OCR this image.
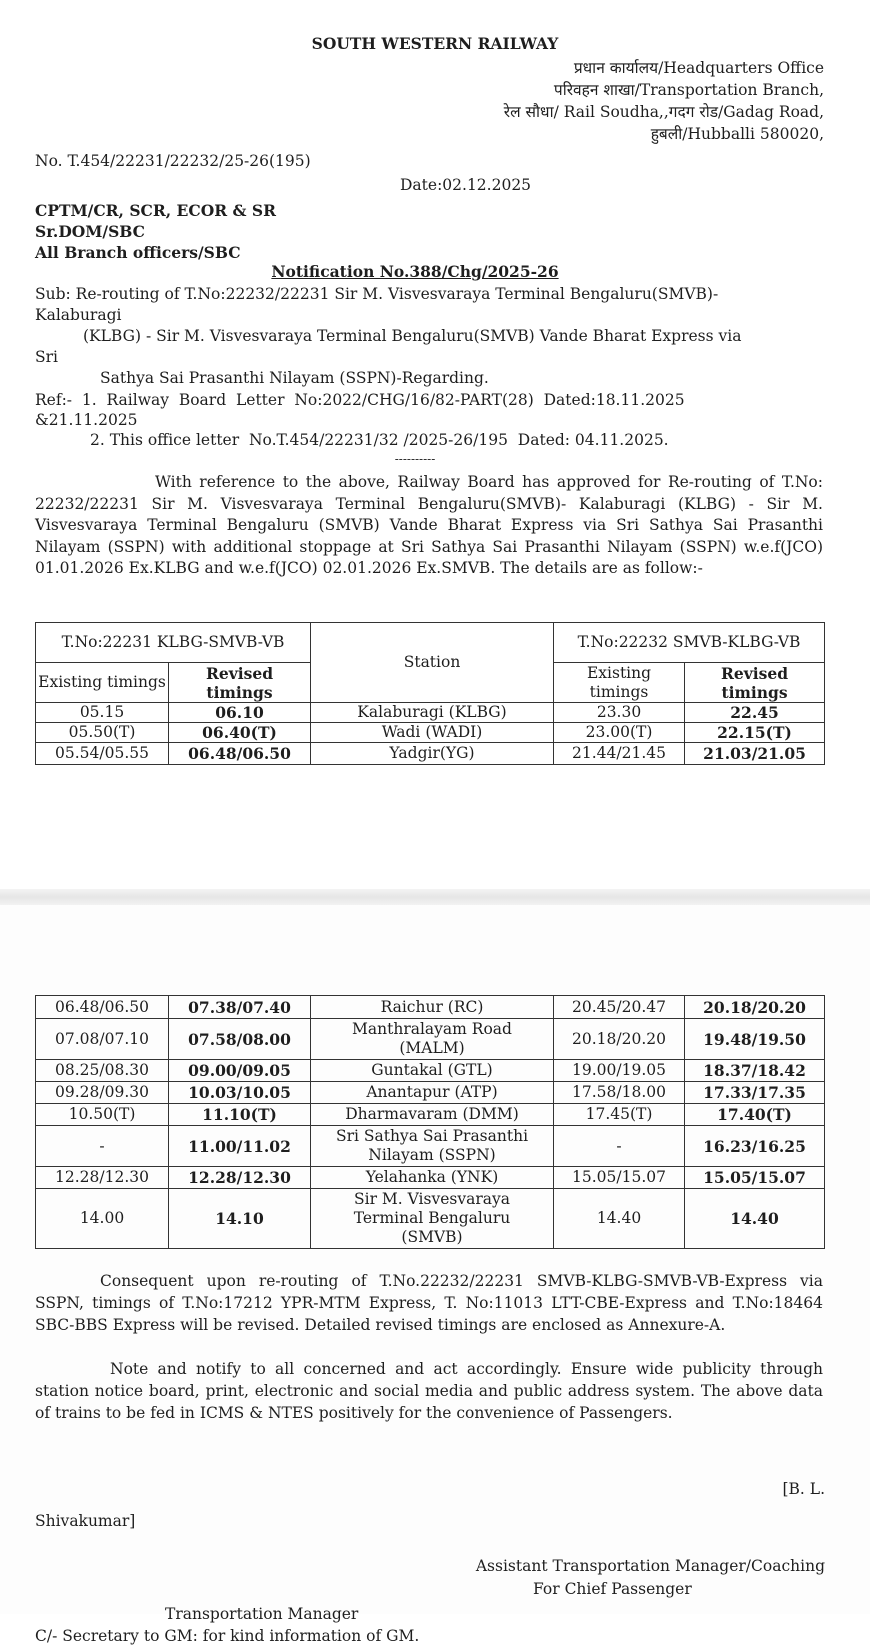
SOUTH WESTERN RAILWAY
प्रधान कार्यालय/Headquarters Office
परिवहन शाखा/Transportation Branch,
रेल सौधा/ Rail Soudha,,गदग रोड/Gadag Road,
हुबली/Hubballi 580020,
No. T.454/22231/22232/25-26(195)
Date:02.12.2025
CPTM/CR, SCR, ECOR & SR
Sr.DOM/SBC
All Branch officers/SBC
Notification No.388/Chg/2025-26
Sub: Re-routing of T.No:22232/22231 Sir M. Visvesvaraya Terminal Bengaluru(SMVB)-
Kalaburagi
(KLBG) - Sir M. Visvesvaraya Terminal Bengaluru(SMVB) Vande Bharat Express via
Sri
Sathya Sai Prasanthi Nilayam (SSPN)-Regarding.
Ref:-  1.  Railway  Board  Letter  No:2022/CHG/16/82-PART(28)  Dated:18.11.2025
&21.11.2025
2. This office letter  No.T.454/22231/32 /2025-26/195  Dated: 04.11.2025.
----------
With reference to the above, Railway Board has approved for Re-routing of T.No: 22232/22231 Sir M. Visvesvaraya Terminal Bengaluru(SMVB)- Kalaburagi (KLBG) - Sir M. Visvesvaraya Terminal Bengaluru (SMVB) Vande Bharat Express via Sri Sathya Sai Prasanthi Nilayam (SSPN) with additional stoppage at Sri Sathya Sai Prasanthi Nilayam (SSPN) w.e.f(JCO) 01.01.2026 Ex.KLBG and w.e.f(JCO) 02.01.2026 Ex.SMVB. The details are as follow:-
T.No:22231 KLBG-SMVB-VB		Station	T.No:22232 SMVB-KLBG-VB	
Existing timings	Revised timings		Existing timings	Revised timings
05.15	06.10	Kalaburagi (KLBG)	23.30	22.45
05.50(T)	06.40(T)	Wadi (WADI)	23.00(T)	22.15(T)
05.54/05.55	06.48/06.50	Yadgir(YG)	21.44/21.45	21.03/21.05
06.48/06.50	07.38/07.40	Raichur (RC)	20.45/20.47	20.18/20.20
07.08/07.10	07.58/08.00	Manthralayam Road (MALM)	20.18/20.20	19.48/19.50
08.25/08.30	09.00/09.05	Guntakal (GTL)	19.00/19.05	18.37/18.42
09.28/09.30	10.03/10.05	Anantapur (ATP)	17.58/18.00	17.33/17.35
10.50(T)	11.10(T)	Dharmavaram (DMM)	17.45(T)	17.40(T)
-	11.00/11.02	Sri Sathya Sai Prasanthi Nilayam (SSPN)	-	16.23/16.25
12.28/12.30	12.28/12.30	Yelahanka (YNK)	15.05/15.07	15.05/15.07
14.00	14.10	Sir M. Visvesvaraya Terminal Bengaluru (SMVB)	14.40	14.40
Consequent upon re-routing of T.No.22232/22231 SMVB-KLBG-SMVB-VB-Express via SSPN, timings of T.No:17212 YPR-MTM Express, T. No:11013 LTT-CBE-Express and T.No:18464 SBC-BBS Express will be revised. Detailed revised timings are enclosed as Annexure-A.
Note and notify to all concerned and act accordingly. Ensure wide publicity through station notice board, print, electronic and social media and public address system. The above data of trains to be fed in ICMS & NTES positively for the convenience of Passengers.
[B. L.
Shivakumar]
Assistant Transportation Manager/Coaching
For Chief Passenger
Transportation Manager
C/- Secretary to GM: for kind information of GM.
